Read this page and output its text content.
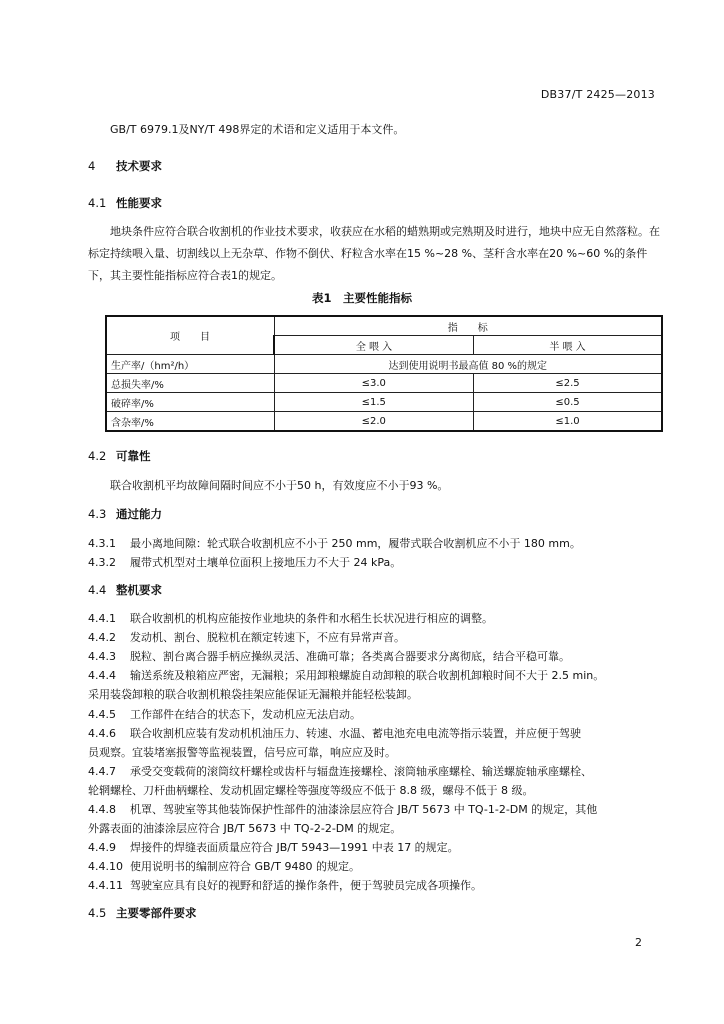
DB37/T 2425—2013
GB/T 6979.1及NY/T 498界定的术语和定义适用于本文件。
4 技术要求
4.1 性能要求
地块条件应符合联合收割机的作业技术要求，收获应在水稻的蜡熟期或完熟期及时进行，地块中应无自然落粒。在标定持续喂入量、切割线以上无杂草、作物不倒伏、籽粒含水率在15 %~28 %、茎秆含水率在20 %~60 %的条件下，其主要性能指标应符合表1的规定。
表1　主要性能指标
项　　目	指　　标	
	全 喂 入	半 喂 入
生产率/（hm²/h）	达到使用说明书最高值 80 %的规定	
总损失率/%	≤3.0	≤2.5
破碎率/%	≤1.5	≤0.5
含杂率/%	≤2.0	≤1.0
4.2 可靠性
联合收割机平均故障间隔时间应不小于50 h，有效度应不小于93 %。
4.3 通过能力
4.3.1 最小离地间隙：轮式联合收割机应不小于 250 mm，履带式联合收割机应不小于 180 mm。
4.3.2 履带式机型对土壤单位面积上接地压力不大于 24 kPa。
4.4 整机要求
4.4.1 联合收割机的机构应能按作业地块的条件和水稻生长状况进行相应的调整。
4.4.2 发动机、割台、脱粒机在额定转速下，不应有异常声音。
4.4.3 脱粒、割台离合器手柄应操纵灵活、准确可靠；各类离合器要求分离彻底，结合平稳可靠。
4.4.4 输送系统及粮箱应严密，无漏粮；采用卸粮螺旋自动卸粮的联合收割机卸粮时间不大于 2.5 min。
采用装袋卸粮的联合收割机粮袋挂架应能保证无漏粮并能轻松装卸。
4.4.5 工作部件在结合的状态下，发动机应无法启动。
4.4.6 联合收割机应装有发动机机油压力、转速、水温、蓄电池充电电流等指示装置，并应便于驾驶
员观察。宜装堵塞报警等监视装置，信号应可靠，响应应及时。
4.4.7 承受交变载荷的滚筒纹杆螺栓或齿杆与辐盘连接螺栓、滚筒轴承座螺栓、输送螺旋轴承座螺栓、
轮辋螺栓、刀杆曲柄螺栓、发动机固定螺栓等强度等级应不低于 8.8 级，螺母不低于 8 级。
4.4.8 机罩、驾驶室等其他装饰保护性部件的油漆涂层应符合 JB/T 5673 中 TQ-1-2-DM 的规定，其他
外露表面的油漆涂层应符合 JB/T 5673 中 TQ-2-2-DM 的规定。
4.4.9 焊接件的焊缝表面质量应符合 JB/T 5943—1991 中表 17 的规定。
4.4.10 使用说明书的编制应符合 GB/T 9480 的规定。
4.4.11 驾驶室应具有良好的视野和舒适的操作条件，便于驾驶员完成各项操作。
4.5 主要零部件要求
2
